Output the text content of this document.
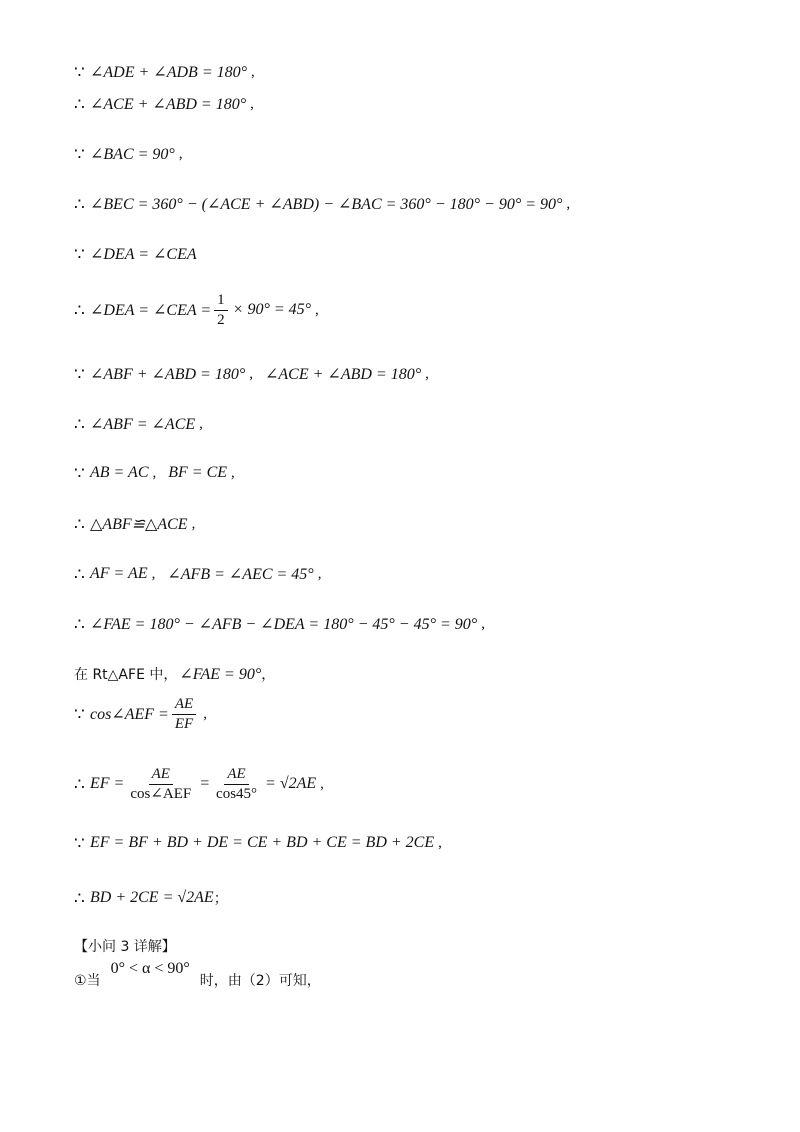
∵ ∠ADE + ∠ADB = 180° ,
∴ ∠ACE + ∠ABD = 180° ,
∵ ∠BAC = 90° ,
∴ ∠BEC = 360° − (∠ACE + ∠ABD) − ∠BAC = 360° − 180° − 90° = 90° ,
∵ ∠DEA = ∠CEA
∴ ∠DEA = ∠CEA = $\frac{1}{2} \times 90^\circ = 45^\circ$ ,
∵ ∠ABF + ∠ABD = 180° , ∠ACE + ∠ABD = 180° ,
∴ ∠ABF = ∠ACE ,
∵ AB = AC , BF = CE ,
∴ △ABF≌△ACE ,
∴ AF = AE , ∠AFB = ∠AEC = 45° ,
∴ ∠FAE = 180° − ∠AFB − ∠DEA = 180° − 45° − 45° = 90° ,
在 Rt△AFE 中， ∠FAE = 90° ，
∵ cos∠AEF = $\frac{AE}{EF}$ ,
∴ EF = $\frac{AE}{\text{cos∠AEF}} = \frac{AE}{\cos 45^\circ} = √2AE$ ,
∵ EF = BF + BD + DE = CE + BD + CE = BD + 2CE ,
∴ BD + 2CE = √2AE ；
【小问 3 详解】
①当
0° < α < 90°
时，由（2）可知，
